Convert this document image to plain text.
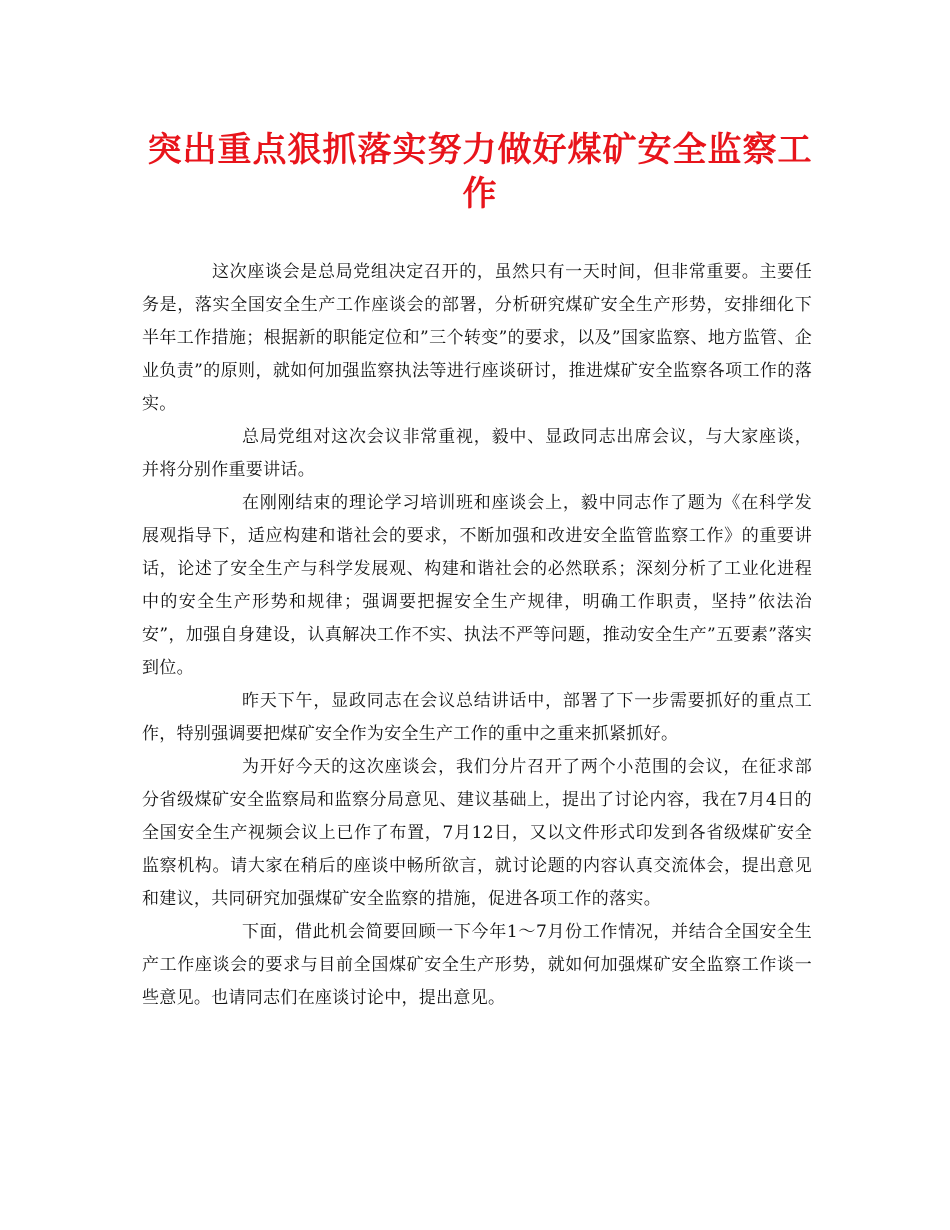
突出重点狠抓落实努力做好煤矿安全监察工作

这次座谈会是总局党组决定召开的，虽然只有一天时间，但非常重要。主要任务是，落实全国安全生产工作座谈会的部署，分析研究煤矿安全生产形势，安排细化下半年工作措施；根据新的职能定位和”三个转变”的要求，以及”国家监察、地方监管、企业负责”的原则，就如何加强监察执法等进行座谈研讨，推进煤矿安全监察各项工作的落实。

总局党组对这次会议非常重视，毅中、显政同志出席会议，与大家座谈，并将分别作重要讲话。

在刚刚结束的理论学习培训班和座谈会上，毅中同志作了题为《在科学发展观指导下，适应构建和谐社会的要求，不断加强和改进安全监管监察工作》的重要讲话，论述了安全生产与科学发展观、构建和谐社会的必然联系；深刻分析了工业化进程中的安全生产形势和规律；强调要把握安全生产规律，明确工作职责，坚持”依法治安”，加强自身建设，认真解决工作不实、执法不严等问题，推动安全生产”五要素”落实到位。

昨天下午，显政同志在会议总结讲话中，部署了下一步需要抓好的重点工作，特别强调要把煤矿安全作为安全生产工作的重中之重来抓紧抓好。

为开好今天的这次座谈会，我们分片召开了两个小范围的会议，在征求部分省级煤矿安全监察局和监察分局意见、建议基础上，提出了讨论内容，我在7月4日的全国安全生产视频会议上已作了布置，7月12日，又以文件形式印发到各省级煤矿安全监察机构。请大家在稍后的座谈中畅所欲言，就讨论题的内容认真交流体会，提出意见和建议，共同研究加强煤矿安全监察的措施，促进各项工作的落实。

下面，借此机会简要回顾一下今年1～7月份工作情况，并结合全国安全生产工作座谈会的要求与目前全国煤矿安全生产形势，就如何加强煤矿安全监察工作谈一些意见。也请同志们在座谈讨论中，提出意见。
